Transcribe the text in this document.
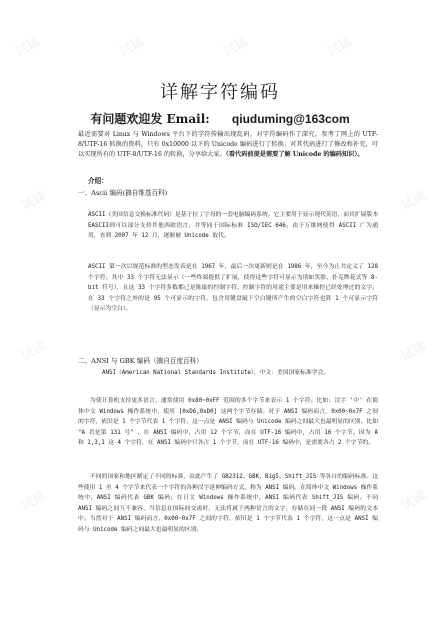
试读	试读	试读	试读
试读	试读
试读	试读
试读	试读
详解字符编码
有问题欢迎发 Email: qiuduming@163com

最近需要对 Linux 与 Windows 平台下的字符传输出现乱码，对字符编码作了深究。参考了网上的 UTF-8/UTF-16 转换的资料，只有 0x10000 以下的 Unicode 编码进行了转换；对其代码进行了修改和补充，可以实现所有的 UTF-8/UTF-16 的转换，分享给大家。（看代码前提是需要了解 Unicode 的编码知识）。

介绍：

一、Ascii 编码(摘自维基百科)

ASCII（美国信息交换标准代码）是基于拉丁字母的一套电脑编码系统。它主要用于显示现代英语，而其扩展版本EASCII则可以部分支持其他西欧语言，并等同于国际标准 ISO/IEC 646。由于万维网使得 ASCII 广为通用，直到 2007 年 12 月，逐渐被 Unicode 取代。

ASCII 第一次以规范标准的型态发表是在 1967 年，最后一次更新则是在 1986 年，至今为止共定义了 128 个字符；其中 33 个字符无法显示（一些终端提供了扩展，使得这些字符可显示为诸如笑脸、扑克牌花式等 8-bit 符号），且这 33 个字符多数都已是陈废的控制字符。控制字符的用途主要是用来操控已经处理过的文字。在 33 个字符之外的是 95 个可显示的字符，包含用键盘敲下空白键所产生的空白字符也算 1 个可显示字符（显示为空白）。

二、ANSI 与 GBK 编码（摘自百度百科）

ANSI（American National Standards Institute），中文：美国国家标准学会。

为使计算机支持更多语言，通常使用 0x80~0xFF 范围的多个字节来表示 1 个字符。比如：汉字 '中' 在简体中文 Windows 操作系统中，使用 [0xD6,0xD0] 这两个字节存储。对于 ANSI 编码而言，0x00~0x7F 之间的字符，依旧是 1 个字节代表 1 个字符。这一点是 ANSI 编码与 Unicode 编码之间最大也最明显的区别。比如 "A 君是第 131 号" ，在 ANSI 编码中，占用 12 个字节，而在 UTF-16 编码中，占用 16 个字节。因为 A 和 1,3,1 这 4 个字符，在 ANSI 编码中只各占 1 个字节，而在 UTF-16 编码中，是需要各占 2 个字节的。

不同的国家和地区制定了不同的标准，由此产生了 GB2312、GBK、Big5、Shift_JIS 等各自的编码标准。这些使用 1 至 4 个字节来代表一个字符的各种汉字延伸编码方式，称为 ANSI 编码。在简体中文 Windows 操作系统中，ANSI 编码代表 GBK 编码；在日文 Windows 操作系统中，ANSI 编码代表 Shift_JIS 编码。不同 ANSI 编码之间互不兼容，当信息在国际间交流时，无法将属于两种语言的文字，存储在同一段 ANSI 编码的文本中。当然对于 ANSI 编码而言，0x00~0x7F 之间的字符，依旧是 1 个字节代表 1 个字符。这一点是 ANSI 编码与 Unicode 编码之间最大也最明显的区别。
